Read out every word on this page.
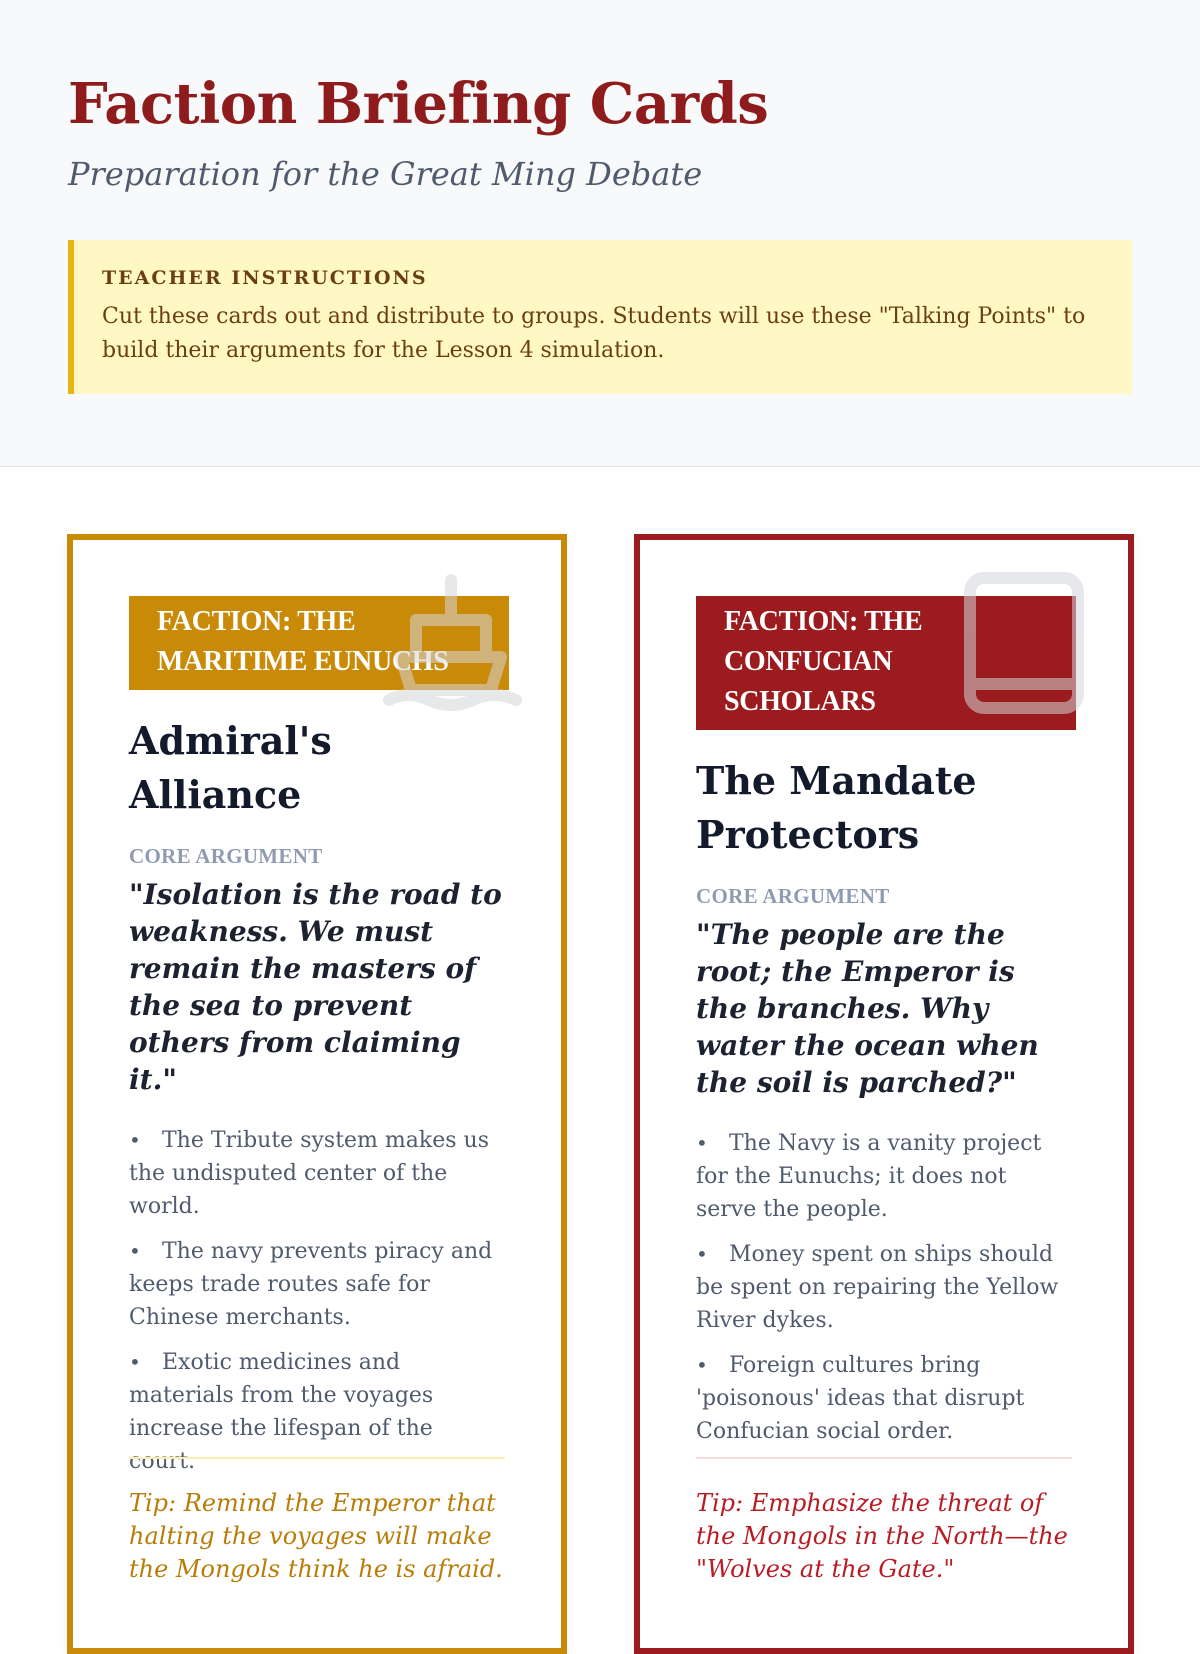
Faction Briefing Cards

Preparation for the Great Ming Debate

TEACHER INSTRUCTIONS
Cut these cards out and distribute to groups. Students will use these "Talking Points" to build their arguments for the Lesson 4 simulation.
FACTION: THE MARITIME EUNUCHS
Admiral's Alliance
CORE ARGUMENT
"Isolation is the road to weakness. We must remain the masters of the sea to prevent others from claiming it."
• The Tribute system makes us the undisputed center of the world.
• The navy prevents piracy and keeps trade routes safe for Chinese merchants.
• Exotic medicines and materials from the voyages increase the lifespan of the court.
Tip: Remind the Emperor that halting the voyages will make the Mongols think he is afraid.
FACTION: THE CONFUCIAN SCHOLARS
The Mandate Protectors
CORE ARGUMENT
"The people are the root; the Emperor is the branches. Why water the ocean when the soil is parched?"
• The Navy is a vanity project for the Eunuchs; it does not serve the people.
• Money spent on ships should be spent on repairing the Yellow River dykes.
• Foreign cultures bring 'poisonous' ideas that disrupt Confucian social order.
Tip: Emphasize the threat of the Mongols in the North—the "Wolves at the Gate."
